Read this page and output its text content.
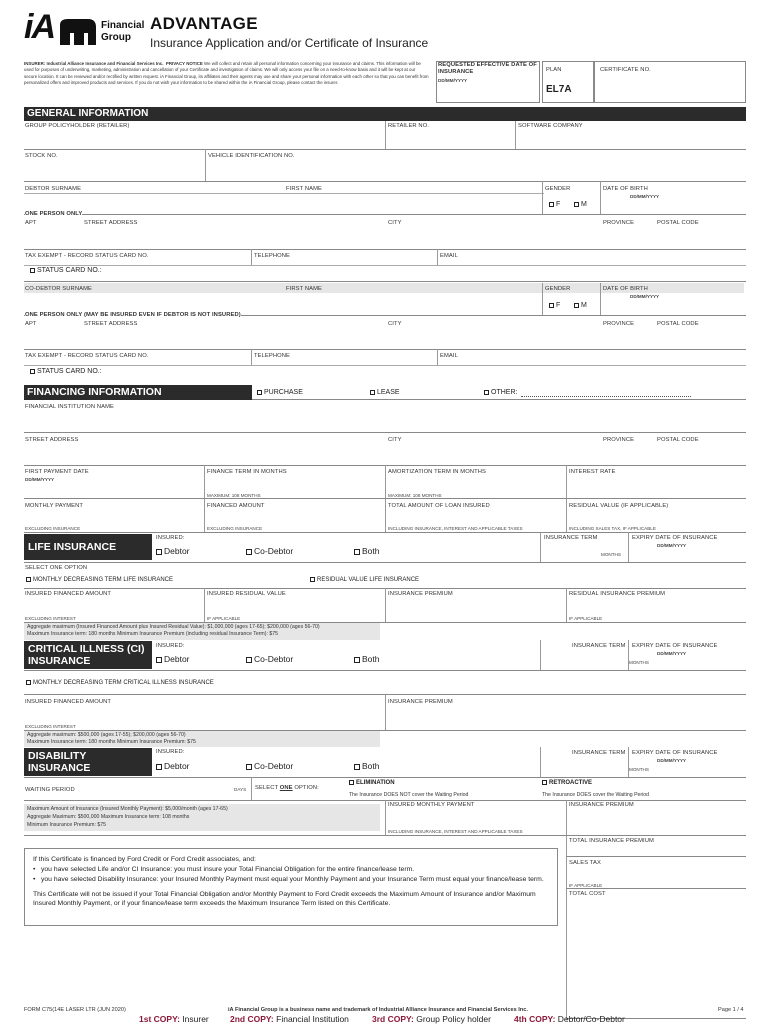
iA	Financial
Group
ADVANTAGE
Insurance Application and/or Certificate of Insurance
INSURER: Industrial Alliance Insurance and Financial Services Inc. PRIVACY NOTICE We will collect and retain all personal information concerning your insurance and claims. This information will be used for purposes of underwriting, marketing, administration and cancellation of your Certificate and investigation of claims. We will only access your file on a need-to-know basis and it will be kept at our secure location. It can be reviewed and/or rectified by written request. iA Financial Group, its affiliates and their agents may use and share your personal information with each other so that you can benefit from personalized offers and improved products and services. If you do not wish your information to be shared within the iA Financial Group, please contact the insurer.
REQUESTED EFFECTIVE DATE OF INSURANCE
DD/MM/YYYY
PLAN
EL7A
CERTIFICATE NO.
GENERAL INFORMATION
GROUP POLICYHOLDER (RETAILER)	RETAILER NO.	SOFTWARE COMPANY
STOCK NO.	VEHICLE IDENTIFICATION NO.
DEBTOR SURNAME	FIRST NAME	GENDER	DATE OF BIRTH
DD/MM/YYYY
F	M
ONE PERSON ONLY
APT	STREET ADDRESS	CITY	PROVINCE	POSTAL CODE
TAX EXEMPT - RECORD STATUS CARD NO.	TELEPHONE	EMAIL
STATUS CARD NO.:
CO-DEBTOR SURNAME	FIRST NAME	GENDER	DATE OF BIRTH
DD/MM/YYYY
F	M
ONE PERSON ONLY (MAY BE INSURED EVEN IF DEBTOR IS NOT INSURED)
APT	STREET ADDRESS	CITY	PROVINCE	POSTAL CODE
TAX EXEMPT - RECORD STATUS CARD NO.	TELEPHONE	EMAIL
STATUS CARD NO.:
FINANCING INFORMATION	PURCHASE	LEASE	OTHER:
FINANCIAL INSTITUTION NAME
STREET ADDRESS	CITY	PROVINCE	POSTAL CODE
FIRST PAYMENT DATE
DD/MM/YYYY
FINANCE TERM IN MONTHS	AMORTIZATION TERM IN MONTHS	INTEREST RATE
MAXIMUM: 108 MONTHS	MAXIMUM: 108 MONTHS
MONTHLY PAYMENT	FINANCED AMOUNT	TOTAL AMOUNT OF LOAN INSURED	RESIDUAL VALUE (IF APPLICABLE)
EXCLUDING INSURANCE	EXCLUDING INSURANCE	INCLUDING INSURANCE, INTEREST AND APPLICABLE TAXES	INCLUDING SALES TAX, IF APPLICABLE
LIFE INSURANCE
INSURED:
Debtor	Co-Debtor	Both
INSURANCE TERM
MONTHS
EXPIRY DATE OF INSURANCE
DD/MM/YYYY
SELECT ONE OPTION
MONTHLY DECREASING TERM LIFE INSURANCE	RESIDUAL VALUE LIFE INSURANCE
INSURED FINANCED AMOUNT	INSURED RESIDUAL VALUE	INSURANCE PREMIUM	RESIDUAL INSURANCE PREMIUM
EXCLUDING INTEREST	IF APPLICABLE	IF APPLICABLE
Aggregate maximum (Insured Financed Amount plus Insured Residual Value): $1,000,000 (ages 17-65); $200,000 (ages 56-70)
Maximum Insurance term: 180 months Minimum Insurance Premium (including residual Insurance Term): $75
CRITICAL ILLNESS (CI)
INSURANCE
INSURED:
Debtor	Co-Debtor	Both
INSURANCE TERM
MONTHS
EXPIRY DATE OF INSURANCE
DD/MM/YYYY
MONTHLY DECREASING TERM CRITICAL ILLNESS INSURANCE
INSURED FINANCED AMOUNT	INSURANCE PREMIUM
EXCLUDING INTEREST
Aggregate maximum: $500,000 (ages 17-55); $200,000 (ages 56-70)
Maximum Insurance term: 180 months Minimum Insurance Premium: $75
DISABILITY
INSURANCE
INSURED:
Debtor	Co-Debtor	Both
INSURANCE TERM
MONTHS
EXPIRY DATE OF INSURANCE
DD/MM/YYYY
WAITING PERIOD	DAYS SELECT ONE OPTION:
ELIMINATION
The Insurance DOES NOT cover the Waiting Period
RETROACTIVE
The Insurance DOES cover the Waiting Period
INSURED MONTHLY PAYMENT	INSURANCE PREMIUM
INCLUDING INSURANCE, INTEREST AND APPLICABLE TAXES
Maximum Amount of Insurance (Insured Monthly Payment): $5,000/month (ages 17-65)
Aggregate Maximum: $500,000 Maximum Insurance term: 108 months
Minimum Insurance Premium: $75
TOTAL INSURANCE PREMIUM
SALES TAX
IF APPLICABLE
TOTAL COST
If this Certificate is financed by Ford Credit or Ford Credit associates, and:
• you have selected Life and/or CI Insurance: you must insure your Total Financial Obligation for the entire finance/lease term.
• you have selected Disability Insurance: your Insured Monthly Payment must equal your Monthly Payment and your Insurance Term must equal your finance/lease term.
This Certificate will not be issued if your Total Financial Obligation and/or Monthly Payment to Ford Credit exceeds the Maximum Amount of Insurance and/or Maximum Insured Monthly Payment, or if your finance/lease term exceeds the Maximum Insurance Term listed on this Certificate.
FORM C75(14E LASER LTR (JUN 2020)	iA Financial Group is a business name and trademark of Industrial Alliance Insurance and Financial Services Inc.	Page 1 / 4
1st COPY: Insurer 2nd COPY: Financial Institution	3rd COPY: Group Policy holder	4th COPY: Debtor/Co-Debtor
